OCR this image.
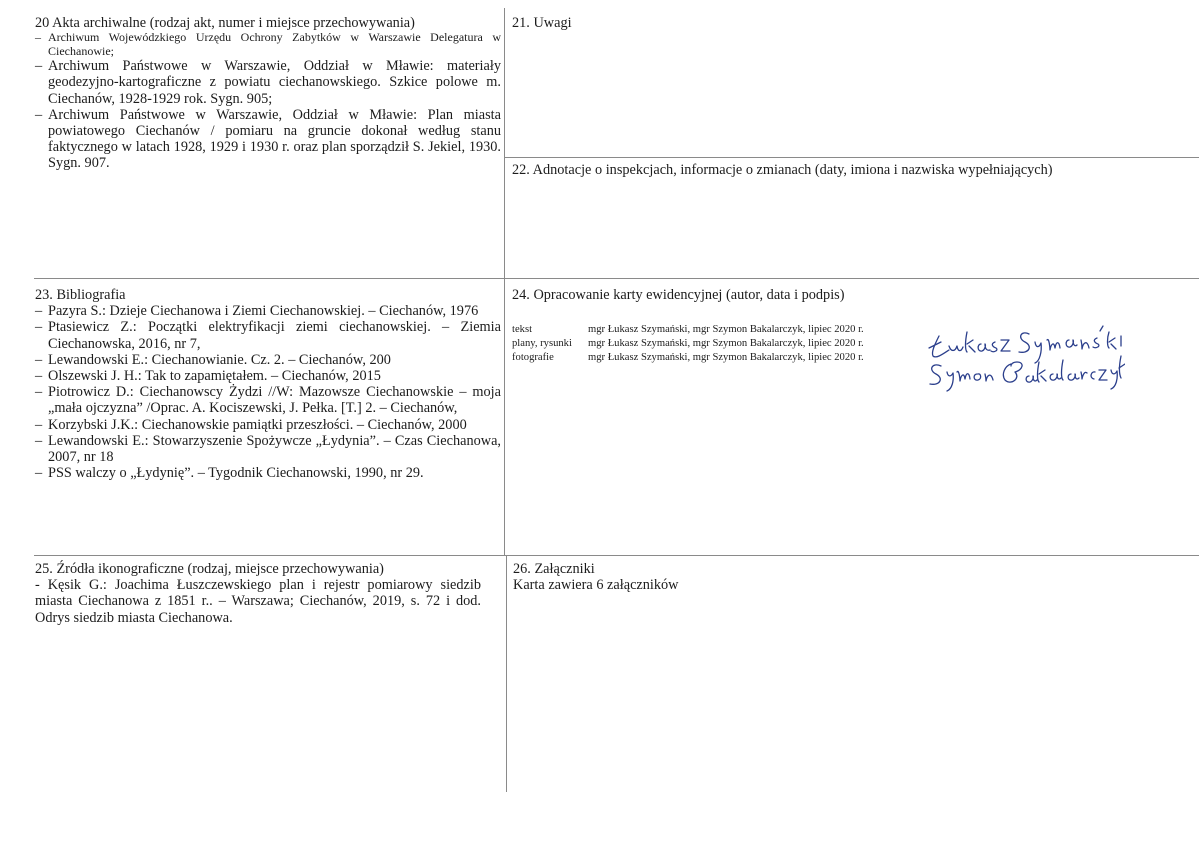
20 Akta archiwalne (rodzaj akt, numer i miejsce przechowywania)
– Archiwum Wojewódzkiego Urzędu Ochrony Zabytków w Warszawie Delegatura w Ciechanowie;
– Archiwum Państwowe w Warszawie, Oddział w Mławie: materiały geodezyjno-kartograficzne z powiatu ciechanowskiego. Szkice polowe m. Ciechanów, 1928-1929 rok. Sygn. 905;
– Archiwum Państwowe w Warszawie, Oddział w Mławie: Plan miasta powiatowego Ciechanów / pomiaru na gruncie dokonał według stanu faktycznego w latach 1928, 1929 i 1930 r. oraz plan sporządził S. Jekiel, 1930. Sygn. 907.
21. Uwagi
22. Adnotacje o inspekcjach, informacje o zmianach (daty, imiona i nazwiska wypełniających)
23. Bibliografia
– Pazyra S.: Dzieje Ciechanowa i Ziemi Ciechanowskiej. – Ciechanów, 1976
– Ptasiewicz Z.: Początki elektryfikacji ziemi ciechanowskiej. – Ziemia Ciechanowska, 2016, nr 7,
– Lewandowski E.: Ciechanowianie. Cz. 2. – Ciechanów, 200
– Olszewski J. H.: Tak to zapamiętałem. – Ciechanów, 2015
– Piotrowicz D.: Ciechanowscy Żydzi //W: Mazowsze Ciechanowskie – moja „mała ojczyzna” /Oprac. A. Kociszewski, J. Pełka. [T.] 2. – Ciechanów,
– Korzybski J.K.: Ciechanowskie pamiątki przeszłości. – Ciechanów, 2000
– Lewandowski E.: Stowarzyszenie Spożywcze „Łydynia”. – Czas Ciechanowa, 2007, nr 18
– PSS walczy o „Łydynię”. – Tygodnik Ciechanowski, 1990, nr 29.
24. Opracowanie karty ewidencyjnej (autor, data i podpis)
tekst	mgr Łukasz Szymański, mgr Szymon Bakalarczyk, lipiec 2020 r.
plany, rysunki	mgr Łukasz Szymański, mgr Szymon Bakalarczyk, lipiec 2020 r.
fotografie	mgr Łukasz Szymański, mgr Szymon Bakalarczyk, lipiec 2020 r.
25. Źródła ikonograficzne (rodzaj, miejsce przechowywania)

- Kęsik G.: Joachima Łuszczewskiego plan i rejestr pomiarowy siedzib miasta Ciechanowa z 1851 r.. – Warszawa; Ciechanów, 2019, s. 72 i dod. Odrys siedzib miasta Ciechanowa.

26. Załączniki

Karta zawiera 6 załączników
